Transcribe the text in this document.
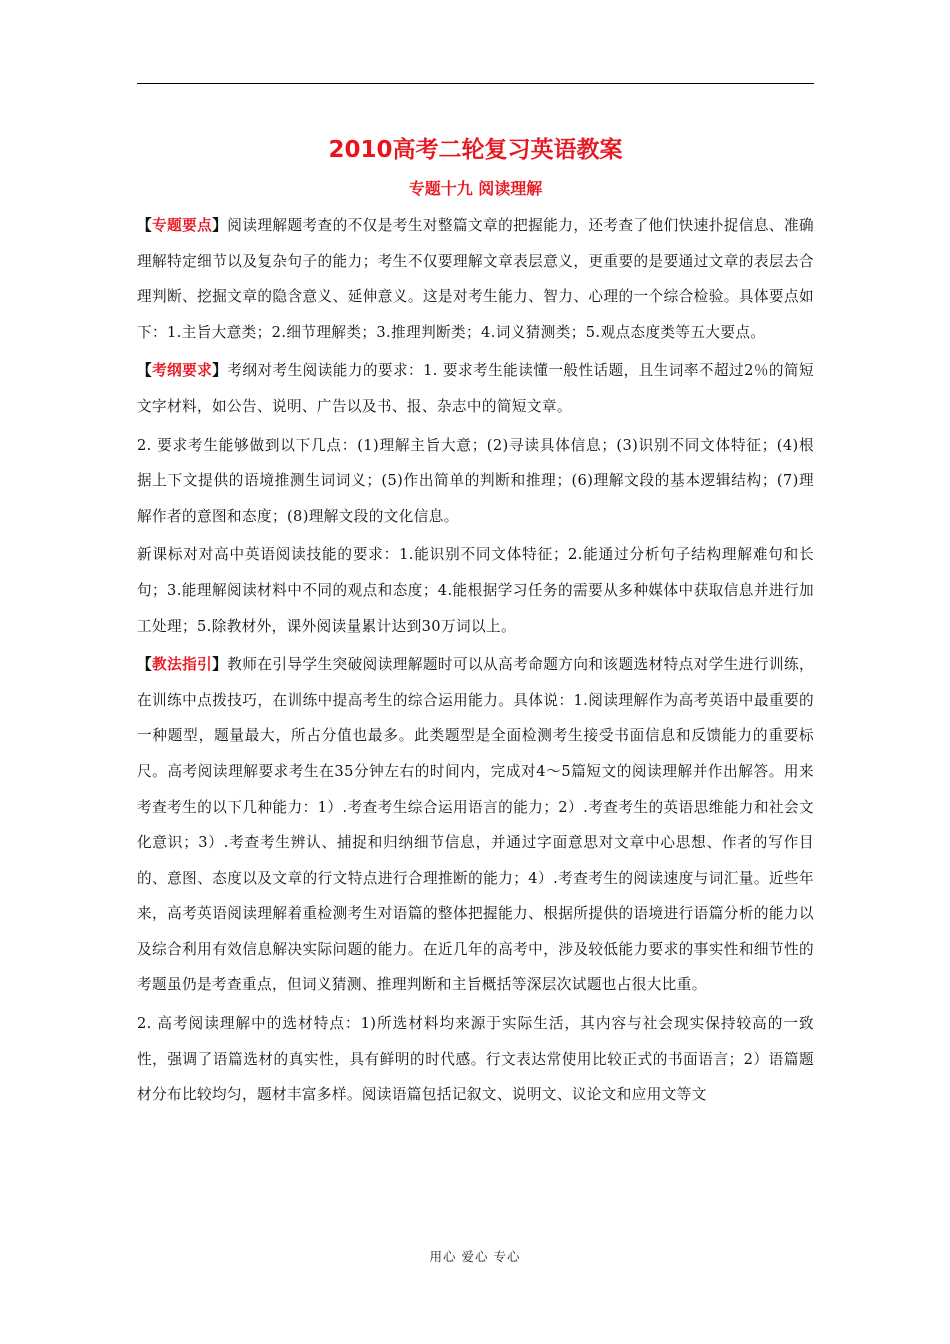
2010高考二轮复习英语教案
专题十九 阅读理解

【专题要点】阅读理解题考查的不仅是考生对整篇文章的把握能力，还考查了他们快速扑捉信息、准确理解特定细节以及复杂句子的能力；考生不仅要理解文章表层意义，更重要的是要通过文章的表层去合理判断、挖掘文章的隐含意义、延伸意义。这是对考生能力、智力、心理的一个综合检验。具体要点如下：1.主旨大意类；2.细节理解类；3.推理判断类；4.词义猜测类；5.观点态度类等五大要点。

【考纲要求】考纲对考生阅读能力的要求：1. 要求考生能读懂一般性话题，且生词率不超过2％的简短文字材料，如公告、说明、广告以及书、报、杂志中的简短文章。

2. 要求考生能够做到以下几点：(1)理解主旨大意；(2)寻读具体信息；(3)识别不同文体特征；(4)根据上下文提供的语境推测生词词义；(5)作出简单的判断和推理；(6)理解文段的基本逻辑结构；(7)理解作者的意图和态度；(8)理解文段的文化信息。

新课标对对高中英语阅读技能的要求：1.能识别不同文体特征；2.能通过分析句子结构理解难句和长句；3.能理解阅读材料中不同的观点和态度；4.能根据学习任务的需要从多种媒体中获取信息并进行加工处理；5.除教材外，课外阅读量累计达到30万词以上。

【教法指引】教师在引导学生突破阅读理解题时可以从高考命题方向和该题选材特点对学生进行训练，在训练中点拨技巧，在训练中提高考生的综合运用能力。具体说：1.阅读理解作为高考英语中最重要的一种题型，题量最大，所占分值也最多。此类题型是全面检测考生接受书面信息和反馈能力的重要标尺。高考阅读理解要求考生在35分钟左右的时间内，完成对4～5篇短文的阅读理解并作出解答。用来考查考生的以下几种能力：1）.考查考生综合运用语言的能力；2）.考查考生的英语思维能力和社会文化意识；3）.考查考生辨认、捕捉和归纳细节信息，并通过字面意思对文章中心思想、作者的写作目的、意图、态度以及文章的行文特点进行合理推断的能力；4）.考查考生的阅读速度与词汇量。近些年来，高考英语阅读理解着重检测考生对语篇的整体把握能力、根据所提供的语境进行语篇分析的能力以及综合利用有效信息解决实际问题的能力。在近几年的高考中，涉及较低能力要求的事实性和细节性的考题虽仍是考查重点，但词义猜测、推理判断和主旨概括等深层次试题也占很大比重。

2. 高考阅读理解中的选材特点：1)所选材料均来源于实际生活，其内容与社会现实保持较高的一致性，强调了语篇选材的真实性，具有鲜明的时代感。行文表达常使用比较正式的书面语言；2）语篇题材分布比较均匀，题材丰富多样。阅读语篇包括记叙文、说明文、议论文和应用文等文

用心 爱心 专心
